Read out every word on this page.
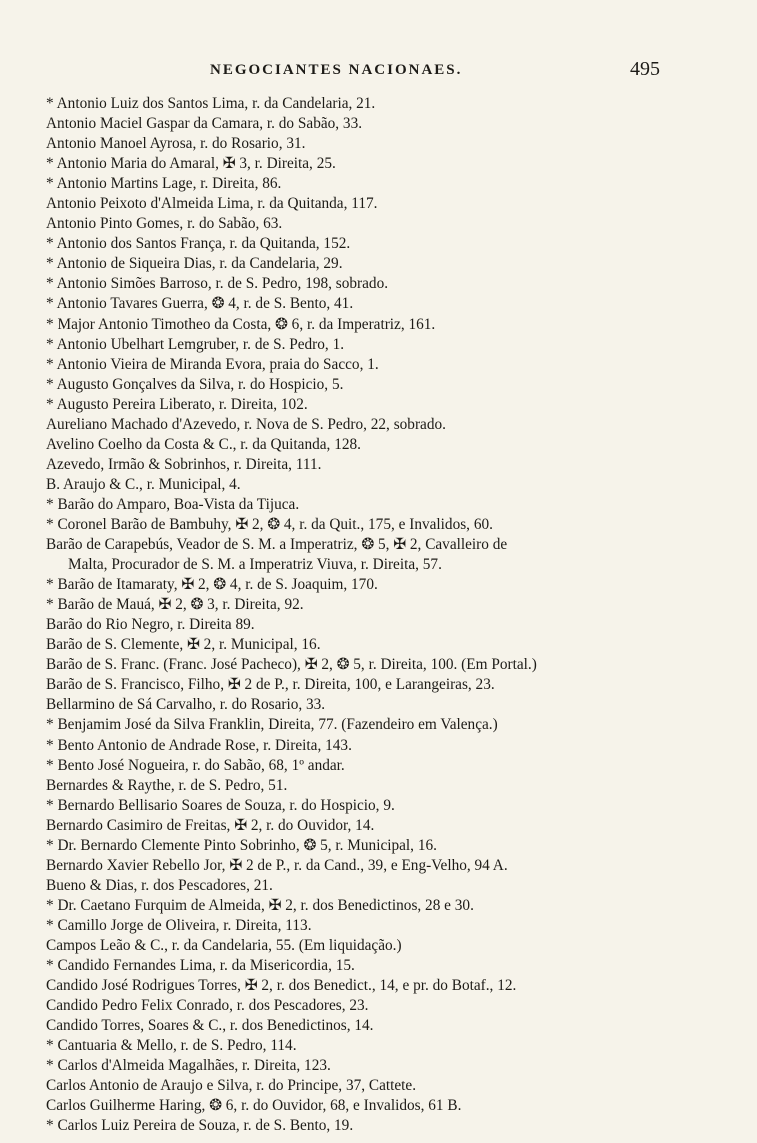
NEGOCIANTES NACIONAES.	495
* Antonio Luiz dos Santos Lima, r. da Candelaria, 21.
Antonio Maciel Gaspar da Camara, r. do Sabão, 33.
Antonio Manoel Ayrosa, r. do Rosario, 31.
* Antonio Maria do Amaral, ✠ 3, r. Direita, 25.
* Antonio Martins Lage, r. Direita, 86.
Antonio Peixoto d'Almeida Lima, r. da Quitanda, 117.
Antonio Pinto Gomes, r. do Sabão, 63.
* Antonio dos Santos França, r. da Quitanda, 152.
* Antonio de Siqueira Dias, r. da Candelaria, 29.
* Antonio Simões Barroso, r. de S. Pedro, 198, sobrado.
* Antonio Tavares Guerra, ❂ 4, r. de S. Bento, 41.
* Major Antonio Timotheo da Costa, ❂ 6, r. da Imperatriz, 161.
* Antonio Ubelhart Lemgruber, r. de S. Pedro, 1.
* Antonio Vieira de Miranda Evora, praia do Sacco, 1.
* Augusto Gonçalves da Silva, r. do Hospicio, 5.
* Augusto Pereira Liberato, r. Direita, 102.
Aureliano Machado d'Azevedo, r. Nova de S. Pedro, 22, sobrado.
Avelino Coelho da Costa & C., r. da Quitanda, 128.
Azevedo, Irmão & Sobrinhos, r. Direita, 111.
B. Araujo & C., r. Municipal, 4.
* Barão do Amparo, Boa-Vista da Tijuca.
* Coronel Barão de Bambuhy, ✠ 2, ❂ 4, r. da Quit., 175, e Invalidos, 60.
Barão de Carapebús, Veador de S. M. a Imperatriz, ❂ 5, ✠ 2, Cavalleiro de
Malta, Procurador de S. M. a Imperatriz Viuva, r. Direita, 57.
* Barão de Itamaraty, ✠ 2, ❂ 4, r. de S. Joaquim, 170.
* Barão de Mauá, ✠ 2, ❂ 3, r. Direita, 92.
Barão do Rio Negro, r. Direita 89.
Barão de S. Clemente, ✠ 2, r. Municipal, 16.
Barão de S. Franc. (Franc. José Pacheco), ✠ 2, ❂ 5, r. Direita, 100. (Em Portal.)
Barão de S. Francisco, Filho, ✠ 2 de P., r. Direita, 100, e Larangeiras, 23.
Bellarmino de Sá Carvalho, r. do Rosario, 33.
* Benjamim José da Silva Franklin, Direita, 77. (Fazendeiro em Valença.)
* Bento Antonio de Andrade Rose, r. Direita, 143.
* Bento José Nogueira, r. do Sabão, 68, 1º andar.
Bernardes & Raythe, r. de S. Pedro, 51.
* Bernardo Bellisario Soares de Souza, r. do Hospicio, 9.
Bernardo Casimiro de Freitas, ✠ 2, r. do Ouvidor, 14.
* Dr. Bernardo Clemente Pinto Sobrinho, ❂ 5, r. Municipal, 16.
Bernardo Xavier Rebello Jor, ✠ 2 de P., r. da Cand., 39, e Eng-Velho, 94 A.
Bueno & Dias, r. dos Pescadores, 21.
* Dr. Caetano Furquim de Almeida, ✠ 2, r. dos Benedictinos, 28 e 30.
* Camillo Jorge de Oliveira, r. Direita, 113.
Campos Leão & C., r. da Candelaria, 55. (Em liquidação.)
* Candido Fernandes Lima, r. da Misericordia, 15.
Candido José Rodrigues Torres, ✠ 2, r. dos Benedict., 14, e pr. do Botaf., 12.
Candido Pedro Felix Conrado, r. dos Pescadores, 23.
Candido Torres, Soares & C., r. dos Benedictinos, 14.
* Cantuaria & Mello, r. de S. Pedro, 114.
* Carlos d'Almeida Magalhães, r. Direita, 123.
Carlos Antonio de Araujo e Silva, r. do Principe, 37, Cattete.
Carlos Guilherme Haring, ❂ 6, r. do Ouvidor, 68, e Invalidos, 61 B.
* Carlos Luiz Pereira de Souza, r. de S. Bento, 19.
